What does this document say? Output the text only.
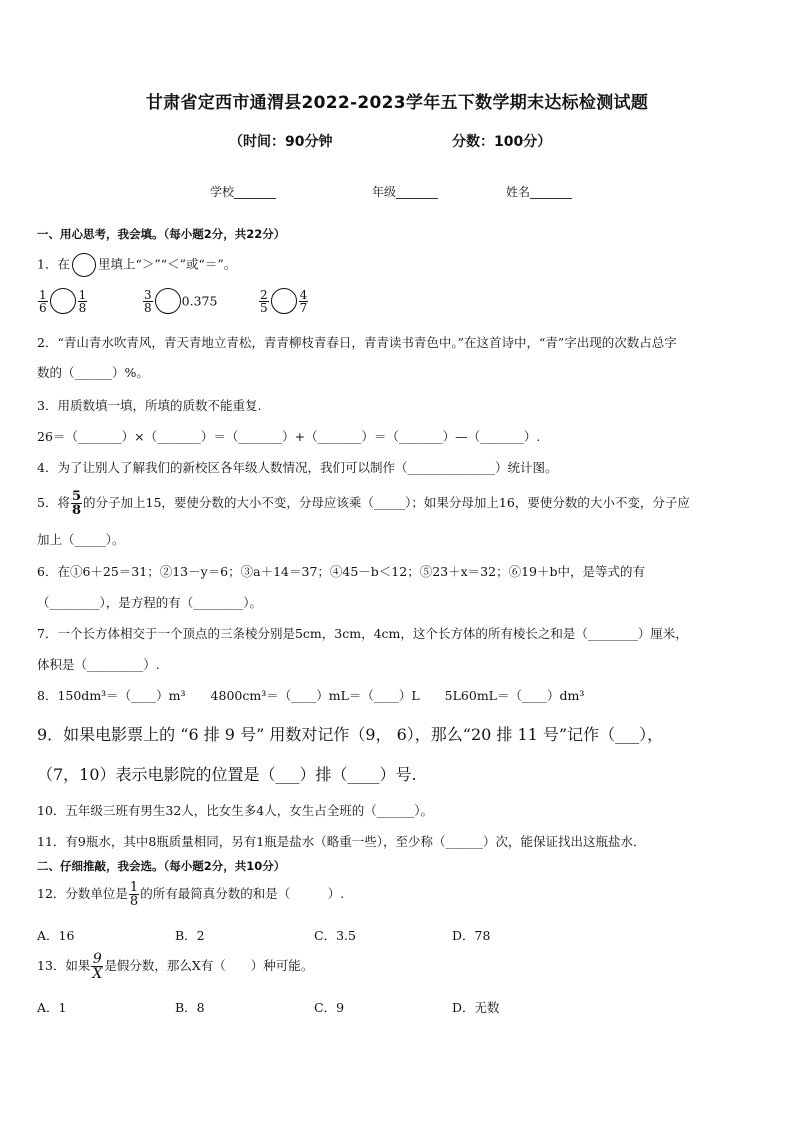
甘肃省定西市通渭县2022-2023学年五下数学期末达标检测试题
（时间：90分钟	分数：100分）
学校_______	年级_______	姓名_______
一、用心思考，我会填。（每小题2分，共22分）
1．在 里填上“＞”“＜”或“＝”。
$\frac{1}{6}$	$\frac{1}{8}$	$\frac{3}{8} 0.375$	$\frac{2}{5}$	$\frac{4}{7}$
2．“青山青水吹青风，青天青地立青松，青青柳枝青春日，青青读书青色中。”在这首诗中，“青”字出现的次数占总字
数的（______）%。
3．用质数填一填，所填的质数不能重复.
26＝（_______）×（_______）＝（_______）+（_______）＝（_______）—（_______）.
4．为了让别人了解我们的新校区各年级人数情况，我们可以制作（______________）统计图。
5．将 $\frac{5}{8}$ 的分子加上15，要使分数的大小不变，分母应该乘（_____）；如果分母加上16，要使分数的大小不变，分子应
加上（_____）。
6．在①6＋25＝31；②13－y＝6；③a＋14＝37；④45－b＜12；⑤23＋x＝32；⑥19＋b中，是等式的有
（________），是方程的有（________）。
7．一个长方体相交于一个顶点的三条棱分别是5cm，3cm，4cm，这个长方体的所有棱长之和是（________）厘米，
体积是（_________）.
8．150dm³＝（____）m³　　4800cm³＝（____）mL＝（____）L　　5L60mL＝（____）dm³
9．如果电影票上的 “6 排 9 号” 用数对记作（9， 6），那么“20 排 11 号”记作（___），
（7，10）表示电影院的位置是（___）排（____）号.
10．五年级三班有男生32人，比女生多4人，女生占全班的（______）。
11．有9瓶水，其中8瓶质量相同，另有1瓶是盐水（略重一些），至少称（______）次，能保证找出这瓶盐水．
二、仔细推敲，我会选。（每小题2分，共10分）
12．分数单位是 $\frac{1}{8}$ 的所有最简真分数的和是（　　　）.
A．16	B．2	C．3.5	D．78
13．如果 $\frac{9}{X}$ 是假分数，那么X有（　　）种可能。
A．1	B．8	C．9	D．无数
